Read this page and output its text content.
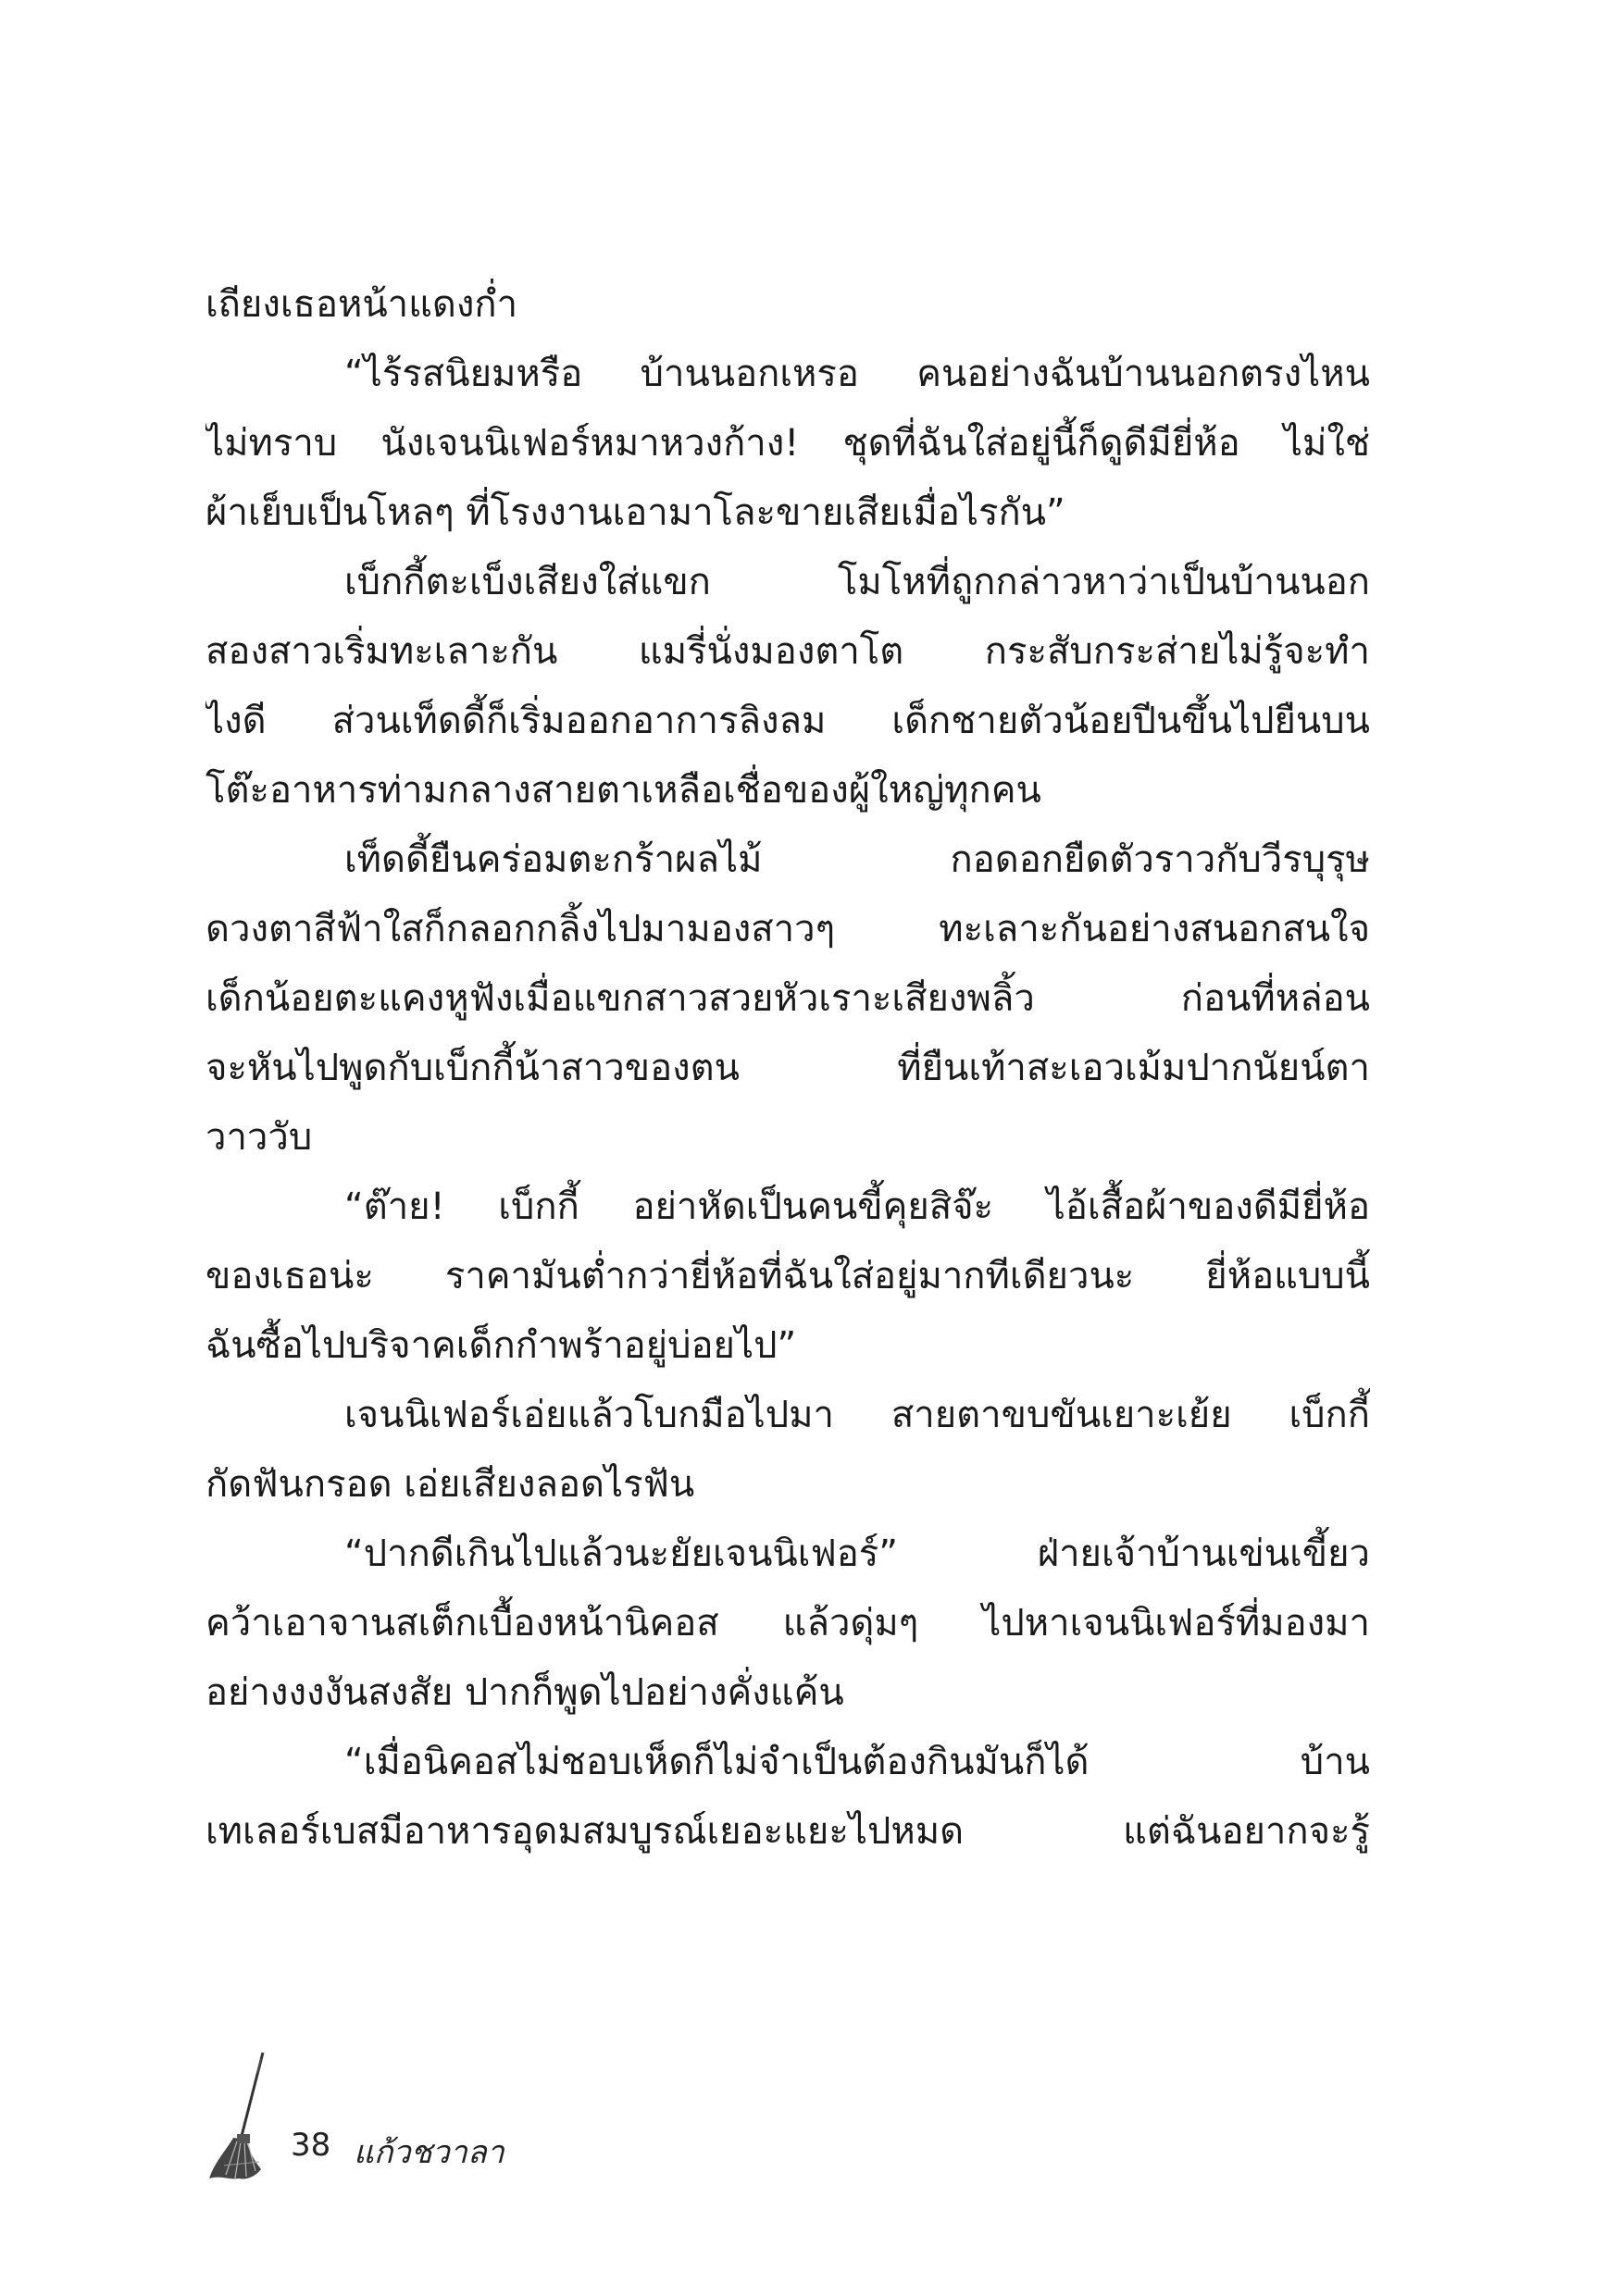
เถียงเธอหน้าแดงก่ำ
“ไร้รสนิยมหรือ บ้านนอกเหรอ คนอย่างฉันบ้านนอกตรงไหน
ไม่ทราบ นังเจนนิเฟอร์หมาหวงก้าง! ชุดที่ฉันใส่อยู่นี้ก็ดูดีมียี่ห้อ ไม่ใช่
ผ้าเย็บเป็นโหลๆ ที่โรงงานเอามาโละขายเสียเมื่อไรกัน”
เบ็กกี้ตะเบ็งเสียงใส่แขก โมโหที่ถูกกล่าวหาว่าเป็นบ้านนอก
สองสาวเริ่มทะเลาะกัน แมรี่นั่งมองตาโต กระสับกระส่ายไม่รู้จะทำ
ไงดี ส่วนเท็ดดี้ก็เริ่มออกอาการลิงลม เด็กชายตัวน้อยปีนขึ้นไปยืนบน
โต๊ะอาหารท่ามกลางสายตาเหลือเชื่อของผู้ใหญ่ทุกคน
เท็ดดี้ยืนคร่อมตะกร้าผลไม้ กอดอกยืดตัวราวกับวีรบุรุษ
ดวงตาสีฟ้าใสก็กลอกกลิ้งไปมามองสาวๆ ทะเลาะกันอย่างสนอกสนใจ
เด็กน้อยตะแคงหูฟังเมื่อแขกสาวสวยหัวเราะเสียงพลิ้ว ก่อนที่หล่อน
จะหันไปพูดกับเบ็กกี้น้าสาวของตน ที่ยืนเท้าสะเอวเม้มปากนัยน์ตา
วาววับ
“ต๊าย! เบ็กกี้ อย่าหัดเป็นคนขี้คุยสิจ๊ะ ไอ้เสื้อผ้าของดีมียี่ห้อ
ของเธอน่ะ ราคามันต่ำกว่ายี่ห้อที่ฉันใส่อยู่มากทีเดียวนะ ยี่ห้อแบบนี้
ฉันซื้อไปบริจาคเด็กกำพร้าอยู่บ่อยไป”
เจนนิเฟอร์เอ่ยแล้วโบกมือไปมา สายตาขบขันเยาะเย้ย เบ็กกี้
กัดฟันกรอด เอ่ยเสียงลอดไรฟัน
“ปากดีเกินไปแล้วนะยัยเจนนิเฟอร์” ฝ่ายเจ้าบ้านเข่นเขี้ยว
คว้าเอาจานสเต็กเบื้องหน้านิคอส แล้วดุ่มๆ ไปหาเจนนิเฟอร์ที่มองมา
อย่างงงงันสงสัย ปากก็พูดไปอย่างคั่งแค้น
“เมื่อนิคอสไม่ชอบเห็ดก็ไม่จำเป็นต้องกินมันก็ได้ บ้าน
เทเลอร์เบสมีอาหารอุดมสมบูรณ์เยอะแยะไปหมด แต่ฉันอยากจะรู้
38 แก้วชวาลา
